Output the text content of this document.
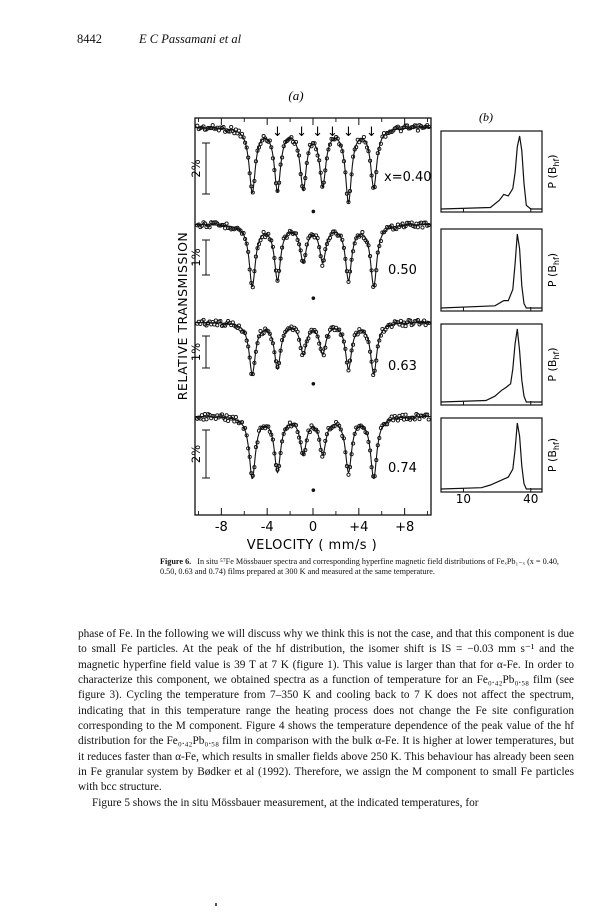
8442	E C Passamani et al
-8	-4	0 +4 +8
2%	x=0.40
1%
0.50
1%
0.63
2%
0.74
↓ ↓ ↓ ↓ ↓ ↓
P $(B_{hf})$
P $(B_{hf})$
P $(B_{hf})$
P $(B_{hf})$
10	40
(a)
(b)
RELATIVE TRANSMISSION
VELOCITY ( mm/s )
Figure 6. In situ ⁵⁷Fe Mössbauer spectra and corresponding hyperfine magnetic field distributions of FeₓPb₁₋ₓ (x = 0.40, 0.50, 0.63 and 0.74) films prepared at 300 K and measured at the same temperature.

phase of Fe. In the following we will discuss why we think this is not the case, and that this component is due to small Fe particles. At the peak of the hf distribution, the isomer shift is IS = −0.03 mm s⁻¹ and the magnetic hyperfine field value is 39 T at 7 K (figure 1). This value is larger than that for α-Fe. In order to characterize this component, we obtained spectra as a function of temperature for an Fe₀.₄₂Pb₀.₅₈ film (see figure 3). Cycling the temperature from 7–350 K and cooling back to 7 K does not affect the spectrum, indicating that in this temperature range the heating process does not change the Fe site configuration corresponding to the M component. Figure 4 shows the temperature dependence of the peak value of the hf distribution for the Fe₀.₄₂Pb₀.₅₈ film in comparison with the bulk α-Fe. It is higher at lower temperatures, but it reduces faster than α-Fe, which results in smaller fields above 250 K. This behaviour has already been seen in Fe granular system by Bødker et al (1992). Therefore, we assign the M component to small Fe particles with bcc structure.

Figure 5 shows the in situ Mössbauer measurement, at the indicated temperatures, for
